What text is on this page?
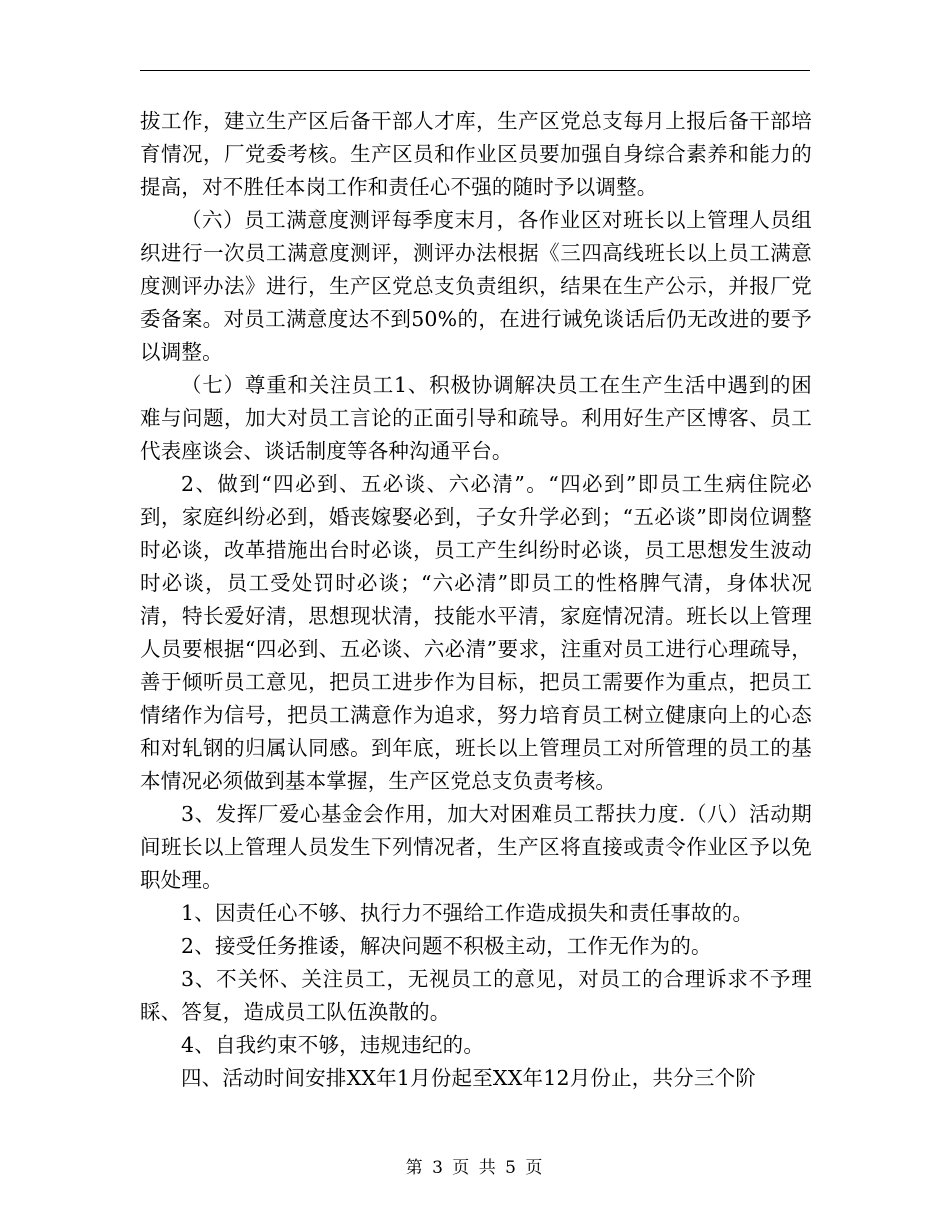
拔工作，建立生产区后备干部人才库，生产区党总支每月上报后备干部培育情况，厂党委考核。生产区员和作业区员要加强自身综合素养和能力的提高，对不胜任本岗工作和责任心不强的随时予以调整。

（六）员工满意度测评每季度末月，各作业区对班长以上管理人员组织进行一次员工满意度测评，测评办法根据《三四高线班长以上员工满意度测评办法》进行，生产区党总支负责组织，结果在生产公示，并报厂党委备案。对员工满意度达不到50%的，在进行诫免谈话后仍无改进的要予以调整。

（七）尊重和关注员工1、积极协调解决员工在生产生活中遇到的困难与问题，加大对员工言论的正面引导和疏导。利用好生产区博客、员工代表座谈会、谈话制度等各种沟通平台。

2、做到“四必到、五必谈、六必清”。“四必到”即员工生病住院必到，家庭纠纷必到，婚丧嫁娶必到，子女升学必到；“五必谈”即岗位调整时必谈，改革措施出台时必谈，员工产生纠纷时必谈，员工思想发生波动时必谈，员工受处罚时必谈；“六必清”即员工的性格脾气清，身体状况清，特长爱好清，思想现状清，技能水平清，家庭情况清。班长以上管理人员要根据“四必到、五必谈、六必清”要求，注重对员工进行心理疏导，善于倾听员工意见，把员工进步作为目标，把员工需要作为重点，把员工情绪作为信号，把员工满意作为追求，努力培育员工树立健康向上的心态和对轧钢的归属认同感。到年底，班长以上管理员工对所管理的员工的基本情况必须做到基本掌握，生产区党总支负责考核。

3、发挥厂爱心基金会作用，加大对困难员工帮扶力度.（八）活动期间班长以上管理人员发生下列情况者，生产区将直接或责令作业区予以免职处理。

1、因责任心不够、执行力不强给工作造成损失和责任事故的。

2、接受任务推诿，解决问题不积极主动，工作无作为的。

3、不关怀、关注员工，无视员工的意见，对员工的合理诉求不予理睬、答复，造成员工队伍涣散的。

4、自我约束不够，违规违纪的。

四、活动时间安排XX年1月份起至XX年12月份止，共分三个阶

第 3 页 共 5 页
